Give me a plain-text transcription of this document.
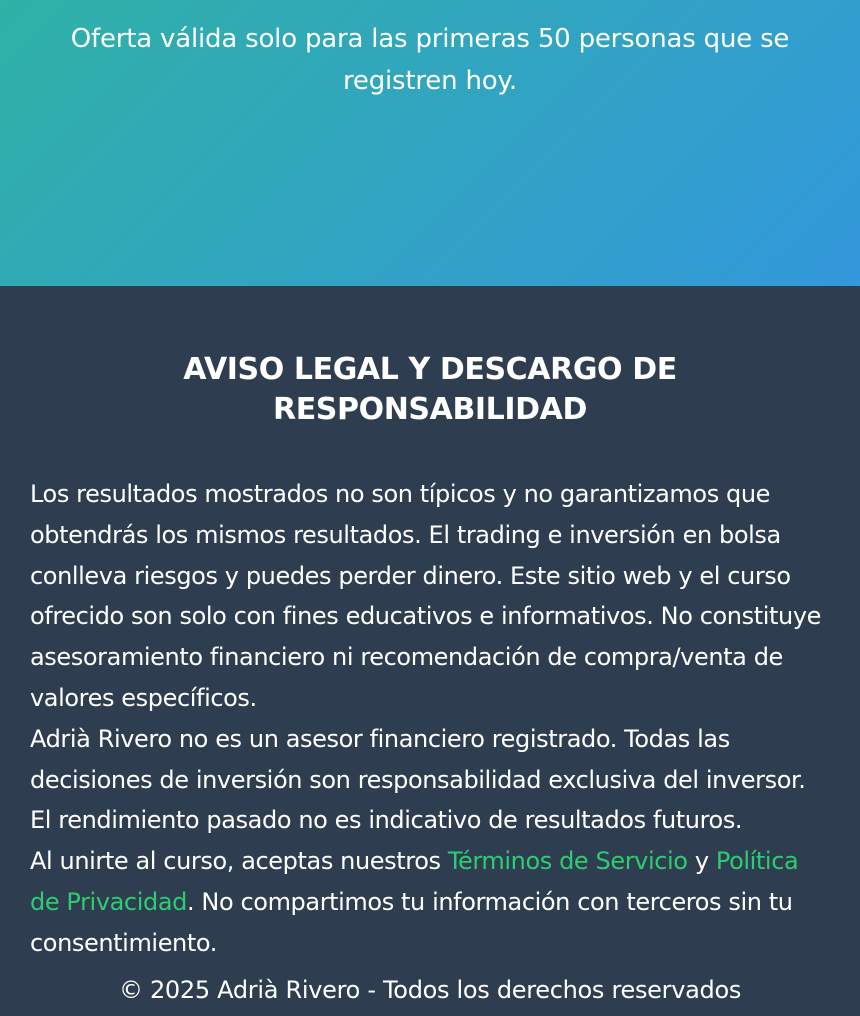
Oferta válida solo para las primeras 50 personas que se registren hoy.

AVISO LEGAL Y DESCARGO DE RESPONSABILIDAD

Los resultados mostrados no son típicos y no garantizamos que obtendrás los mismos resultados. El trading e inversión en bolsa conlleva riesgos y puedes perder dinero. Este sitio web y el curso ofrecido son solo con fines educativos e informativos. No constituye asesoramiento financiero ni recomendación de compra/venta de valores específicos.

Adrià Rivero no es un asesor financiero registrado. Todas las decisiones de inversión son responsabilidad exclusiva del inversor. El rendimiento pasado no es indicativo de resultados futuros.

Al unirte al curso, aceptas nuestros Términos de Servicio y Política de Privacidad. No compartimos tu información con terceros sin tu consentimiento.

© 2025 Adrià Rivero - Todos los derechos reservados
